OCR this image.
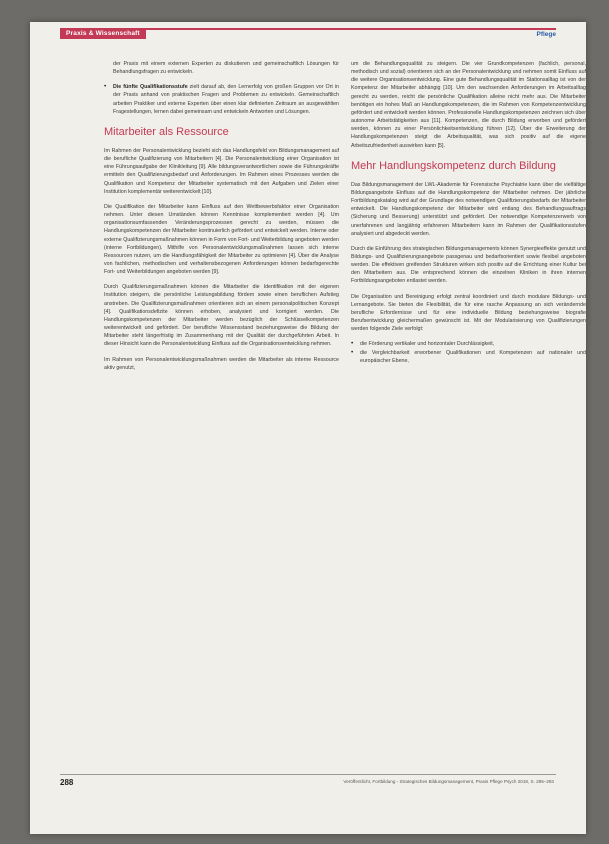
Praxis & Wissenschaft	Pflege

der Praxis mit einem externen Experten zu diskutieren und gemeinschaftlich Lösungen für Behandlungsfragen zu entwickeln.

• Die fünfte Qualifikationsstufe zielt darauf ab, den Lernerfolg von großen Gruppen vor Ort in der Praxis anhand von praktischen Fragen und Problemen zu entwickeln. Gemeinschaftlich arbeiten Praktiker und externe Experten über einen klar definierten Zeitraum an ausgewählten Fragestellungen, lernen dabei gemeinsam und entwickeln Antworten und Lösungen.
Mitarbeiter als Ressource

Im Rahmen der Personalentwicklung bezieht sich das Handlungsfeld von Bildungsmanagement auf die berufliche Qualifizierung von Mitarbeitern [4]. Die Personalentwicklung einer Organisation ist eine Führungsaufgabe der Klinikleitung [9]. Alle bildungsverantwortlichen sowie die Führungskräfte ermitteln den Qualifizierungsbedarf und Anforderungen. Im Rahmen eines Prozesses werden die Qualifikation und Kompetenz der Mitarbeiter systematisch mit den Aufgaben und Zielen einer Institution komplementär weiterentwickelt [10].

Die Qualifikation der Mitarbeiter kann Einfluss auf den Wettbewerbsfaktor einer Organisation nehmen. Unter diesen Umständen können Kenntnisse komplementiert werden [4]. Um organisationsumfassenden Veränderungsprozessen gerecht zu werden, müssen die Handlungskompetenzen der Mitarbeiter kontinuierlich gefördert und entwickelt werden. Interne oder externe Qualifizierungsmaßnahmen können in Form von Fort- und Weiterbildung angeboten werden (interne Fortbildungen). Mithilfe von Personalentwicklungsmaßnahmen lassen sich interne Ressourcen nutzen, um die Handlungsfähigkeit der Mitarbeiter zu optimieren [4]. Über die Analyse von fachlichen, methodischen und verhaltensbezogenen Anforderungen können bedarfsgerechte Fort- und Weiterbildungen angeboten werden [9].

Durch Qualifizierungsmaßnahmen können die Mitarbeiter die Identifikation mit der eigenen Institution steigern, die persönliche Leistungsbildung fördern sowie einen beruflichen Aufstieg anstreben. Die Qualifizierungsmaßnahmen orientieren sich an einem personalpolitischen Konzept [4]. Qualifikationsdefizite können erhoben, analysiert und korrigiert werden. Die Handlungskompetenzen der Mitarbeiter werden bezüglich der Schlüsselkompetenzen weiterentwickelt und gefördert. Der berufliche Wissensstand beziehungsweise die Bildung der Mitarbeiter steht längerfristig im Zusammenhang mit der Qualität der durchgeführten Arbeit. In dieser Hinsicht kann die Personalentwicklung Einfluss auf die Organisationsentwicklung nehmen.

Im Rahmen von Personalentwicklungsmaßnahmen werden die Mitarbeiter als interne Ressource aktiv genutzt,

um die Behandlungsqualität zu steigern. Die vier Grundkompetenzen (fachlich, personal, methodisch und sozial) orientieren sich an der Personalentwicklung und nehmen somit Einfluss auf die weitere Organisationsentwicklung. Eine gute Behandlungsqualität im Stationsalltag ist von der Kompetenz der Mitarbeiter abhängig [10]. Um den wachsenden Anforderungen im Arbeitsalltag gerecht zu werden, reicht die persönliche Qualifikation alleine nicht mehr aus. Die Mitarbeiter benötigen ein hohes Maß an Handlungskompetenzen, die im Rahmen von Kompetenzentwicklung gefördert und entwickelt werden können. Professionelle Handlungskompetenzen zeichnen sich über autonome Arbeitstätigkeiten aus [11]. Kompetenzen, die durch Bildung erworben und gefördert werden, können zu einer Persönlichkeitsentwicklung führen [12]. Über die Erweiterung der Handlungskompetenzen steigt die Arbeitsqualität, was sich positiv auf die eigene Arbeitszufriedenheit auswirken kann [5].

Mehr Handlungskompetenz durch Bildung

Das Bildungsmanagement der LWL-Akademie für Forensische Psychiatrie kann über die vielfältige Bildungsangebote Einfluss auf die Handlungskompetenz der Mitarbeiter nehmen. Der jährliche Fortbildungskatalog wird auf der Grundlage des notwendigen Qualifizierungsbedarfs der Mitarbeiter entwickelt. Die Handlungskompetenz der Mitarbeiter wird entlang des Behandlungsauftrags (Sicherung und Besserung) unterstützt und gefördert. Der notwendige Kompetenzerwerb von unerfahrenen und langjährig erfahrenen Mitarbeitern kann im Rahmen der Qualifikationsstufen analysiert und abgedeckt werden.

Durch die Einführung des strategischen Bildungsmanagements können Synergieeffekte genutzt und Bildungs- und Qualifizierungsangebote passgenau und bedarfsorientiert sowie flexibel angeboten werden. Die effektiven greifenden Strukturen wirken sich positiv auf die Errichtung einer Kultur bei den Mitarbeitern aus. Die entsprechend können die einzelnen Kliniken in ihren internen Fortbildungsangeboten entlastet werden.

Die Organisation und Bereinigung erfolgt zentral koordiniert und durch modulare Bildungs- und Lernangebote. Sie bieten die Flexibilität, die für eine rasche Anpassung an sich verändernde berufliche Erfordernisse und für eine individuelle Bildung beziehungsweise biografie Berufsentwicklung gleichermaßen gewünscht ist. Mit der Modularisierung von Qualifizierungen werden folgende Ziele verfolgt:

• die Förderung vertikaler und horizontaler Durchlässigkeit,
• die Vergleichbarkeit erworbener Qualifikationen und Kompetenzen auf nationaler und europäischer Ebene,
288	Veröffentlicht, Fortbildung - Strategisches Bildungsmanagement, Praxis Pflege Psych 2018, S. 285–293
